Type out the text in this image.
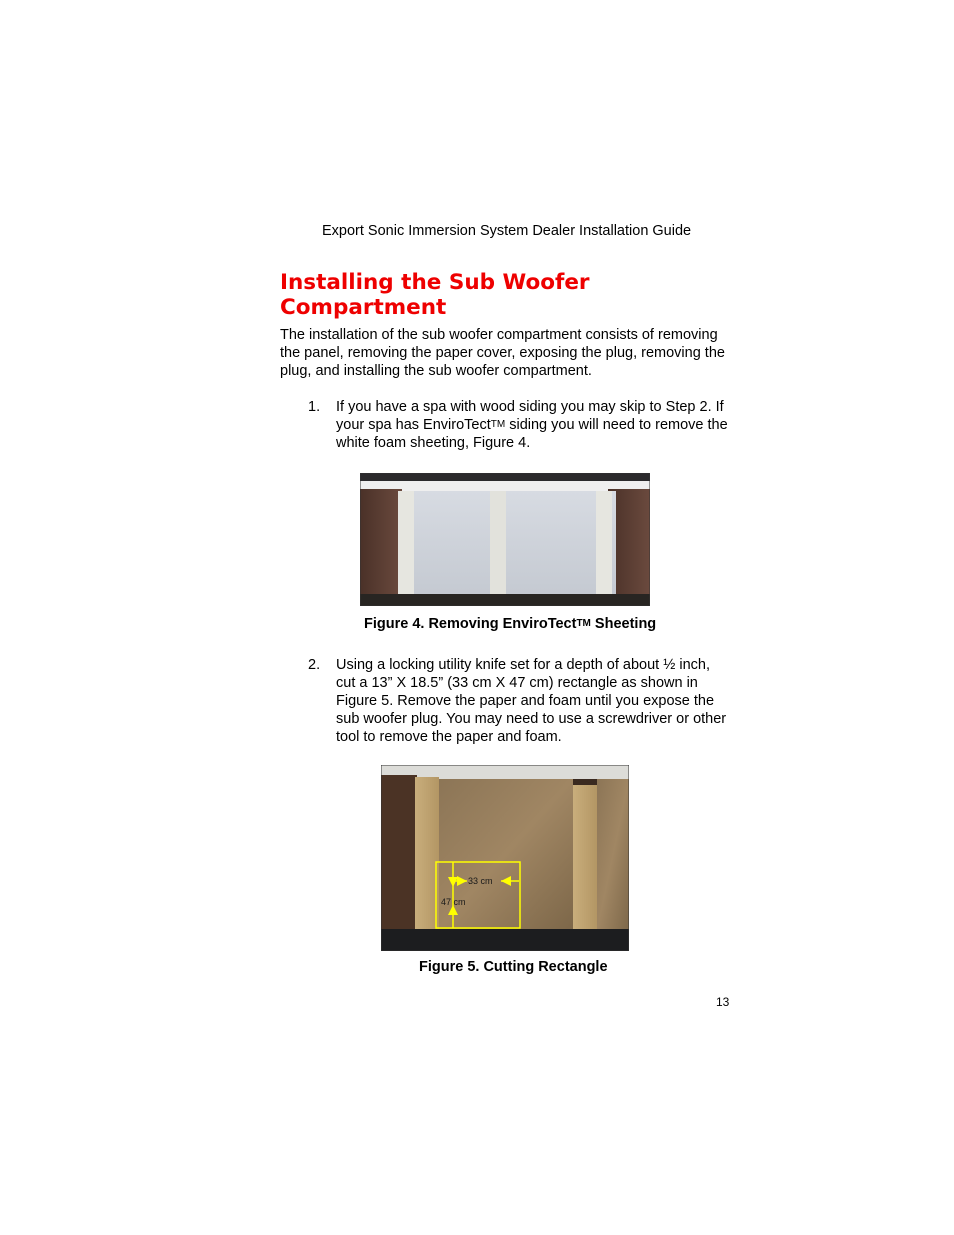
Export Sonic Immersion System Dealer Installation Guide
Installing the Sub Woofer Compartment
The installation of the sub woofer compartment consists of removing the panel, removing the paper cover, exposing the plug, removing the plug, and installing the sub woofer compartment.
1. If you have a spa with wood siding you may skip to Step 2. If your spa has EnviroTectTM siding you will need to remove the white foam sheeting, Figure 4.
Figure 4. Removing EnviroTectTM Sheeting
2. Using a locking utility knife set for a depth of about ½ inch, cut a 13” X 18.5” (33 cm X 47 cm) rectangle as shown in Figure 5. Remove the paper and foam until you expose the sub woofer plug. You may need to use a screwdriver or other tool to remove the paper and foam.
33 cm
47 cm
Figure 5. Cutting Rectangle
13
